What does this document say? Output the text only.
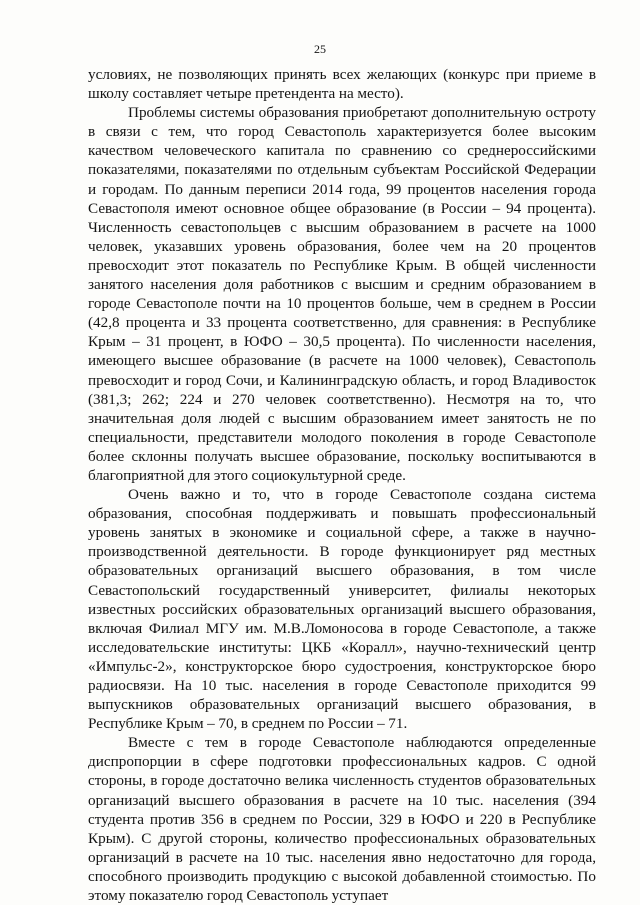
25

условиях, не позволяющих принять всех желающих (конкурс при приеме в школу составляет четыре претендента на место).

Проблемы системы образования приобретают дополнительную остроту в связи с тем, что город Севастополь характеризуется более высоким качеством человеческого капитала по сравнению со среднероссийскими показателями, показателями по отдельным субъектам Российской Федерации и городам. По данным переписи 2014 года, 99 процентов населения города Севастополя имеют основное общее образование (в России – 94 процента). Численность севастопольцев с высшим образованием в расчете на 1000 человек, указавших уровень образования, более чем на 20 процентов превосходит этот показатель по Республике Крым. В общей численности занятого населения доля работников с высшим и средним образованием в городе Севастополе почти на 10 процентов больше, чем в среднем в России (42,8 процента и 33 процента соответственно, для сравнения: в Республике Крым – 31 процент, в ЮФО – 30,5 процента). По численности населения, имеющего высшее образование (в расчете на 1000 человек), Севастополь превосходит и город Сочи, и Калининградскую область, и город Владивосток (381,3; 262; 224 и 270 человек соответственно). Несмотря на то, что значительная доля людей с высшим образованием имеет занятость не по специальности, представители молодого поколения в городе Севастополе более склонны получать высшее образование, поскольку воспитываются в благоприятной для этого социокультурной среде.

Очень важно и то, что в городе Севастополе создана система образования, способная поддерживать и повышать профессиональный уровень занятых в экономике и социальной сфере, а также в научно-производственной деятельности. В городе функционирует ряд местных образовательных организаций высшего образования, в том числе Севастопольский государственный университет, филиалы некоторых известных российских образовательных организаций высшего образования, включая Филиал МГУ им. М.В.Ломоносова в городе Севастополе, а также исследовательские институты: ЦКБ «Коралл», научно-технический центр «Импульс-2», конструкторское бюро судостроения, конструкторское бюро радиосвязи. На 10 тыс. населения в городе Севастополе приходится 99 выпускников образовательных организаций высшего образования, в Республике Крым – 70, в среднем по России – 71.

Вместе с тем в городе Севастополе наблюдаются определенные диспропорции в сфере подготовки профессиональных кадров. С одной стороны, в городе достаточно велика численность студентов образовательных организаций высшего образования в расчете на 10 тыс. населения (394 студента против 356 в среднем по России, 329 в ЮФО и 220 в Республике Крым). С другой стороны, количество профессиональных образовательных организаций в расчете на 10 тыс. населения явно недостаточно для города, способного производить продукцию с высокой добавленной стоимостью. По этому показателю город Севастополь уступает
